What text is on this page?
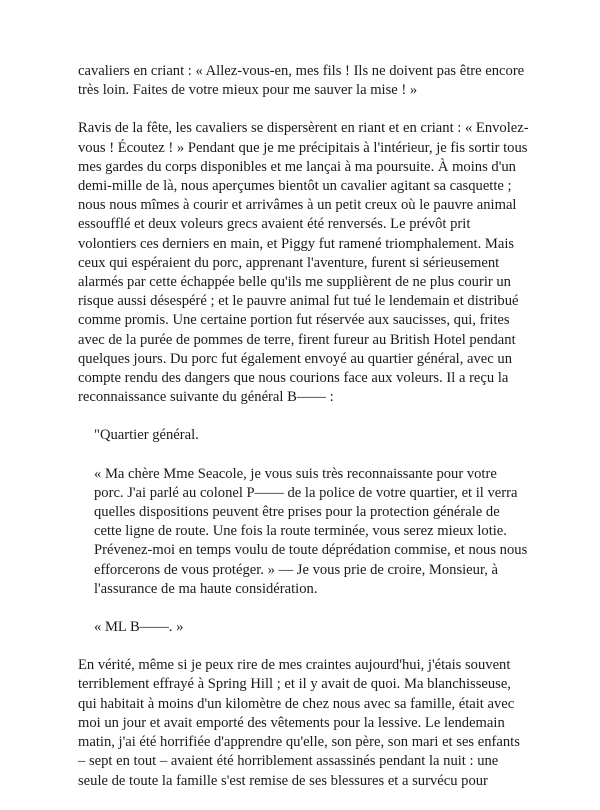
cavaliers en criant : « Allez-vous-en, mes fils ! Ils ne doivent pas être encore très loin. Faites de votre mieux pour me sauver la mise ! »

Ravis de la fête, les cavaliers se dispersèrent en riant et en criant : « Envolez-vous ! Écoutez ! » Pendant que je me précipitais à l'intérieur, je fis sortir tous mes gardes du corps disponibles et me lançai à ma poursuite. À moins d'un demi-mille de là, nous aperçumes bientôt un cavalier agitant sa casquette ; nous nous mîmes à courir et arrivâmes à un petit creux où le pauvre animal essoufflé et deux voleurs grecs avaient été renversés. Le prévôt prit volontiers ces derniers en main, et Piggy fut ramené triomphalement. Mais ceux qui espéraient du porc, apprenant l'aventure, furent si sérieusement alarmés par cette échappée belle qu'ils me supplièrent de ne plus courir un risque aussi désespéré ; et le pauvre animal fut tué le lendemain et distribué comme promis. Une certaine portion fut réservée aux saucisses, qui, frites avec de la purée de pommes de terre, firent fureur au British Hotel pendant quelques jours. Du porc fut également envoyé au quartier général, avec un compte rendu des dangers que nous courions face aux voleurs. Il a reçu la reconnaissance suivante du général B—— :

"Quartier général.

« Ma chère Mme Seacole, je vous suis très reconnaissante pour votre porc. J'ai parlé au colonel P—— de la police de votre quartier, et il verra quelles dispositions peuvent être prises pour la protection générale de cette ligne de route. Une fois la route terminée, vous serez mieux lotie. Prévenez-moi en temps voulu de toute déprédation commise, et nous nous efforcerons de vous protéger. » — Je vous prie de croire, Monsieur, à l'assurance de ma haute considération.

« ML B——. »

En vérité, même si je peux rire de mes craintes aujourd'hui, j'étais souvent terriblement effrayé à Spring Hill ; et il y avait de quoi. Ma blanchisseuse, qui habitait à moins d'un kilomètre de chez nous avec sa famille, était avec moi un jour et avait emporté des vêtements pour la lessive. Le lendemain matin, j'ai été horrifiée d'apprendre qu'elle, son père, son mari et ses enfants – sept en tout – avaient été horriblement assassinés pendant la nuit : une seule de toute la famille s'est remise de ses blessures et a survécu pour
